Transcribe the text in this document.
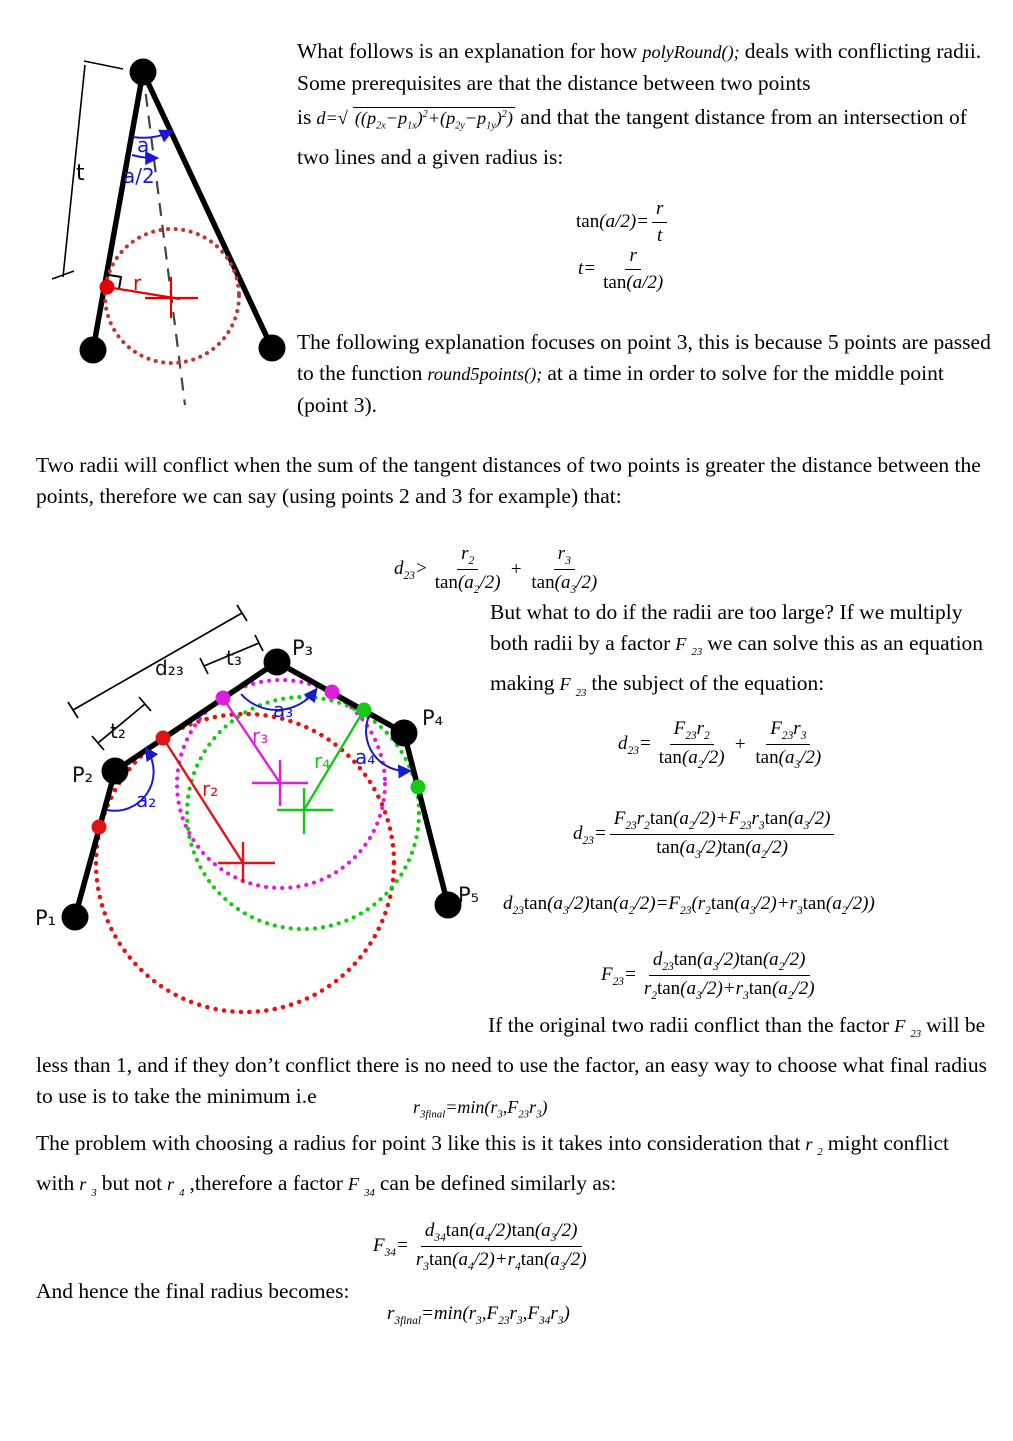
t
a
a/2
r
What follows is an explanation for how polyRound(); deals with conflicting radii. Some prerequisites are that the distance between two points is d=√ $((p_{2x}-p_{1x})^2+(p_{2y}-p_{1y})^2)$ and that the tangent distance from an intersection of two lines and a given radius is:
The following explanation focuses on point 3, this is because 5 points are passed to the function round5points(); at a time in order to solve for the middle point (point 3).
Two radii will conflict when the sum of the tangent distances of two points is greater the distance between the points, therefore we can say (using points 2 and 3 for example) that:
But what to do if the radii are too large? If we multiply both radii by a factor F $_{23}$ we can solve this as an equation making F $_{23}$ the subject of the equation:
If the original two radii conflict than the factor F $_{23}$ will be less than 1, and if they don’t conflict there is no need to use the factor, an easy way to choose what final radius to use is to take the minimum i.e
The problem with choosing a radius for point 3 like this is it takes into consideration that r $_2$ might conflict with r $_3$ but not r $_4$ ,therefore a factor F $_{34}$ can be defined similarly as:
And hence the final radius becomes:
$\tan(a/2)= \frac{r}{t}$
$t= \frac{r}{\tan(a/2)}$
$d_{23}> \frac{r_2}{\tan(a_2/2)} + \frac{r_3}{\tan(a_3/2)}$
$d_{23}= \frac{F_{23}r_2}{\tan(a_2/2)} + \frac{F_{23}r_3}{\tan(a_3/2)}$
$d_{23}= \frac{F_{23}r_2\tan(a_2/2)+F_{23}r_3\tan(a_3/2)}{\tan(a_3/2)\tan(a_2/2)}$
$d_{23}\tan(a_3/2)\tan(a_2/2)=F_{23}(r_2\tan(a_3/2)+r_3\tan(a_2/2))$
$F_{23}= \frac{d_{23}\tan(a_3/2)\tan(a_2/2)}{r_2\tan(a_3/2)+r_3\tan(a_2/2)}$
$r_{3final}=\min(r_3,F_{23}r_3)$
$F_{34}= \frac{d_{34}\tan(a_4/2)\tan(a_3/2)}{r_3\tan(a_4/2)+r_4\tan(a_3/2)}$
$r_{3final}=\min(r_3,F_{23}r_3,F_{34}r_3)$
P₁
P₂
P₃
P₄
P₅
d₂₃
t₂
t₃
a₂
a₃
a₄
r₂
r₃
r₄
